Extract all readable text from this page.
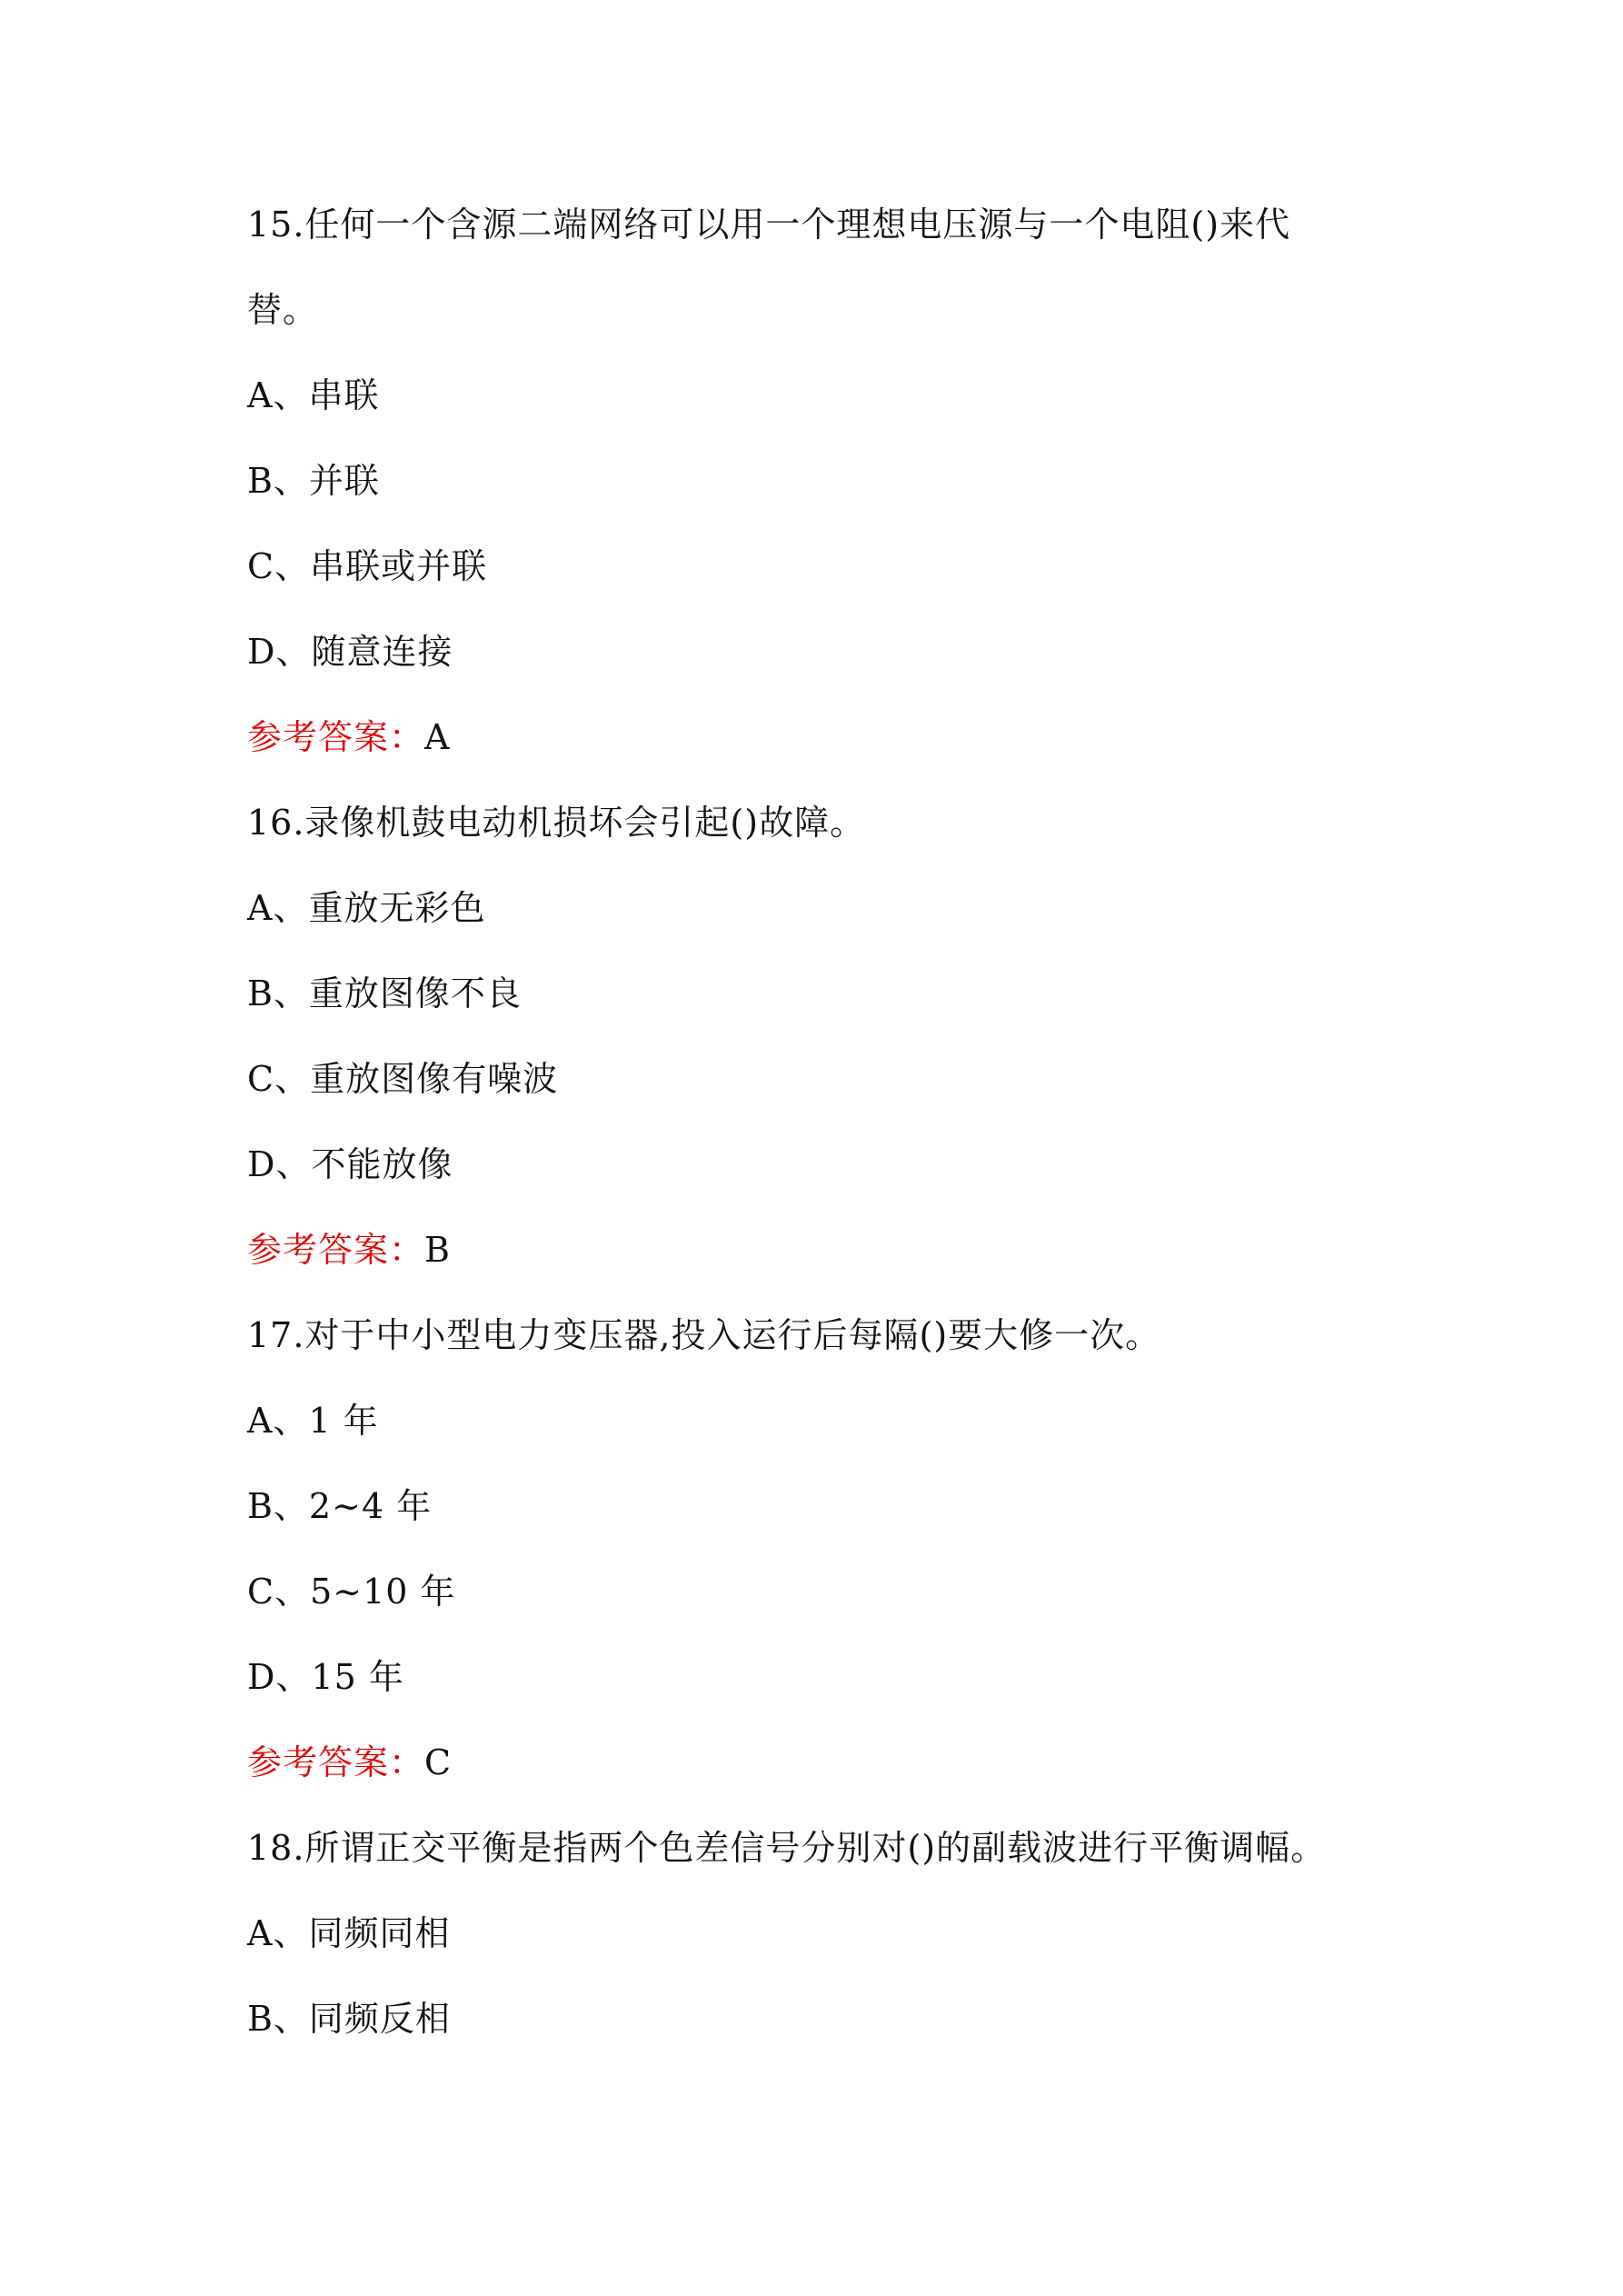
15.任何一个含源二端网络可以用一个理想电压源与一个电阻()来代
替。
A、串联
B、并联
C、串联或并联
D、随意连接
参考答案：A
16.录像机鼓电动机损坏会引起()故障。
A、重放无彩色
B、重放图像不良
C、重放图像有噪波
D、不能放像
参考答案：B
17.对于中小型电力变压器,投入运行后每隔()要大修一次。
A、1 年
B、2~4 年
C、5~10 年
D、15 年
参考答案：C
18.所谓正交平衡是指两个色差信号分别对()的副载波进行平衡调幅。
A、同频同相
B、同频反相
